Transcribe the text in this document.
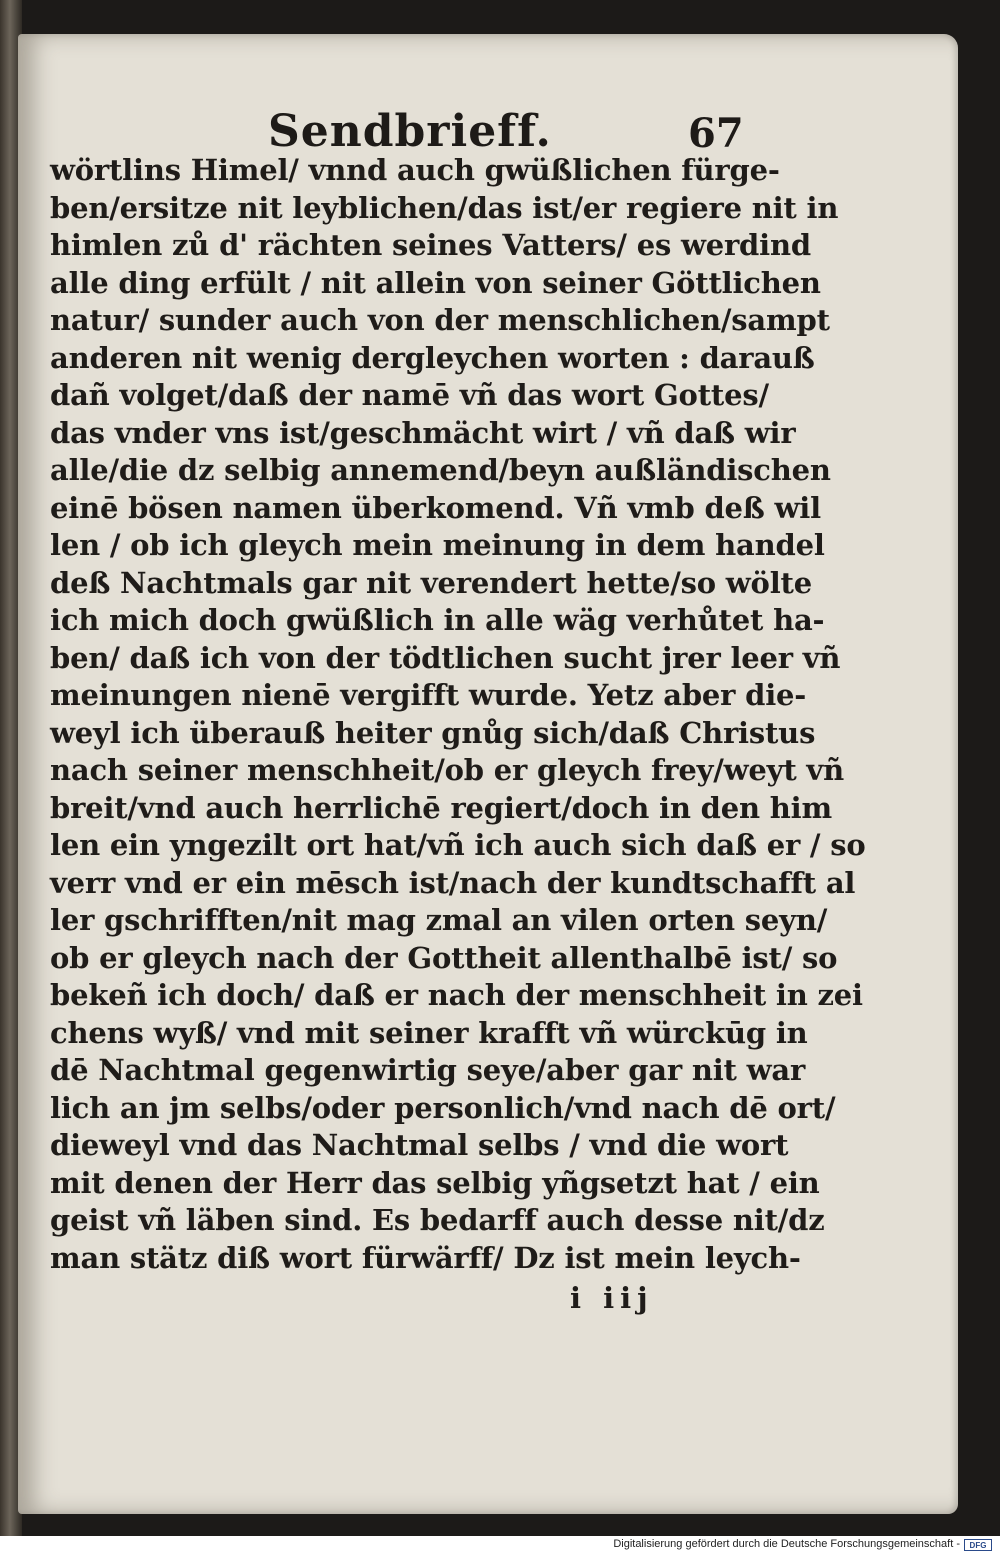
Sendbrieff.	67
wörtlins Himel/ vnnd auch gwüßlichen fürge-
ben/ersitze nit leyblichen/das ist/er regiere nit in
himlen zů d' rächten seines Vatters/ es werdind
alle ding erfült / nit allein von seiner Göttlichen
natur/ sunder auch von der menschlichen/sampt
anderen nit wenig dergleychen worten : darauß
dañ volget/daß der namē vñ das wort Gottes/
das vnder vns ist/geschmächt wirt / vñ daß wir
alle/die dz selbig annemend/beyn außländischen
einē bösen namen überkomend. Vñ vmb deß wil
len / ob ich gleych mein meinung in dem handel
deß Nachtmals gar nit verendert hette/so wölte
ich mich doch gwüßlich in alle wäg verhůtet ha-
ben/ daß ich von der tödtlichen sucht jrer leer vñ
meinungen nienē vergifft wurde. Yetz aber die-
weyl ich überauß heiter gnůg sich/daß Christus
nach seiner menschheit/ob er gleych frey/weyt vñ
breit/vnd auch herrlichē regiert/doch in den him
len ein yngezilt ort hat/vñ ich auch sich daß er / so
verr vnd er ein mēsch ist/nach der kundtschafft al
ler gschrifften/nit mag zmal an vilen orten seyn/
ob er gleych nach der Gottheit allenthalbē ist/ so
bekeñ ich doch/ daß er nach der menschheit in zei
chens wyß/ vnd mit seiner krafft vñ würckūg in
dē Nachtmal gegenwirtig seye/aber gar nit war
lich an jm selbs/oder personlich/vnd nach dē ort/
dieweyl vnd das Nachtmal selbs / vnd die wort
mit denen der Herr das selbig yñgsetzt hat / ein
geist vñ läben sind. Es bedarff auch desse nit/dz
man stätz diß wort fürwärff/ Dz ist mein leych-
i iij
Digitalisierung gefördert durch die Deutsche Forschungsgemeinschaft -	DFG
